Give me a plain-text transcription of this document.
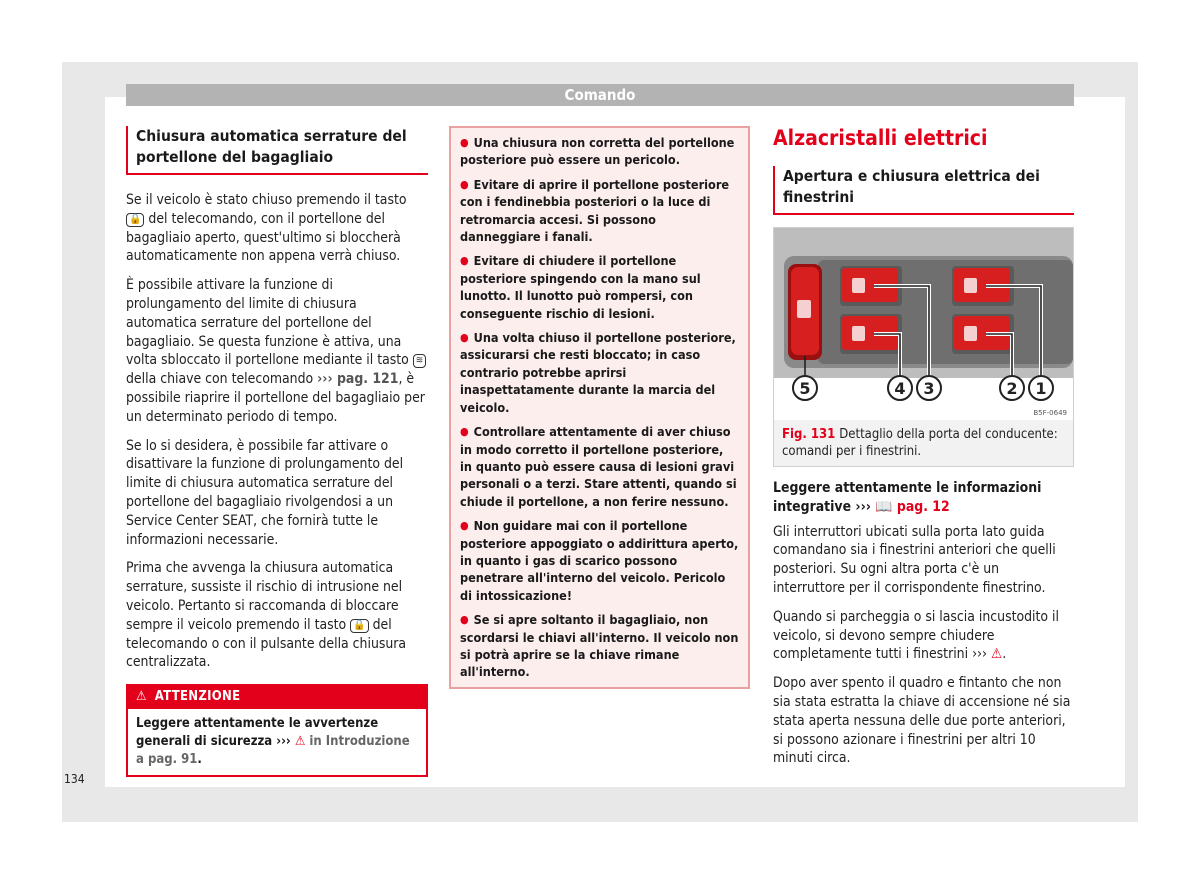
Comando
Chiusura automatica serrature del portellone del bagagliaio

Se il veicolo è stato chiuso premendo il tasto 🔒 del telecomando, con il portellone del bagagliaio aperto, quest'ultimo si bloccherà automaticamente non appena verrà chiuso.

È possibile attivare la funzione di prolungamento del limite di chiusura automatica serrature del portellone del bagagliaio. Se questa funzione è attiva, una volta sbloccato il portellone mediante il tasto ≋ della chiave con telecomando ››› pag. 121, è possibile riaprire il portellone del bagagliaio per un determinato periodo di tempo.

Se lo si desidera, è possibile far attivare o disattivare la funzione di prolungamento del limite di chiusura automatica serrature del portellone del bagagliaio rivolgendosi a un Service Center SEAT, che fornirà tutte le informazioni necessarie.

Prima che avvenga la chiusura automatica serrature, sussiste il rischio di intrusione nel veicolo. Pertanto si raccomanda di bloccare sempre il veicolo premendo il tasto 🔒 del telecomando o con il pulsante della chiusura centralizzata.

⚠ ATTENZIONE
Leggere attentamente le avvertenze generali di sicurezza ››› ⚠ in Introduzione a pag. 91.

● Una chiusura non corretta del portellone posteriore può essere un pericolo.

● Evitare di aprire il portellone posteriore con i fendinebbia posteriori o la luce di retromarcia accesi. Si possono danneggiare i fanali.

● Evitare di chiudere il portellone posteriore spingendo con la mano sul lunotto. Il lunotto può rompersi, con conseguente rischio di lesioni.

● Una volta chiuso il portellone posteriore, assicurarsi che resti bloccato; in caso contrario potrebbe aprirsi inaspettatamente durante la marcia del veicolo.

● Controllare attentamente di aver chiuso in modo corretto il portellone posteriore, in quanto può essere causa di lesioni gravi personali o a terzi. Stare attenti, quando si chiude il portellone, a non ferire nessuno.

● Non guidare mai con il portellone posteriore appoggiato o addirittura aperto, in quanto i gas di scarico possono penetrare all'interno del veicolo. Pericolo di intossicazione!

● Se si apre soltanto il bagagliaio, non scordarsi le chiavi all'interno. Il veicolo non si potrà aprire se la chiave rimane all'interno.

Alzacristalli elettrici
Apertura e chiusura elettrica dei finestrini
5	4 3	2 1
B5F-0649
Fig. 131 Dettaglio della porta del conducente: comandi per i finestrini.
Leggere attentamente le informazioni integrative ››› 📖 pag. 12

Gli interruttori ubicati sulla porta lato guida comandano sia i finestrini anteriori che quelli posteriori. Su ogni altra porta c'è un interruttore per il corrispondente finestrino.

Quando si parcheggia o si lascia incustodito il veicolo, si devono sempre chiudere completamente tutti i finestrini ››› ⚠.

Dopo aver spento il quadro e fintanto che non sia stata estratta la chiave di accensione né sia stata aperta nessuna delle due porte anteriori, si possono azionare i finestrini per altri 10 minuti circa.

134
